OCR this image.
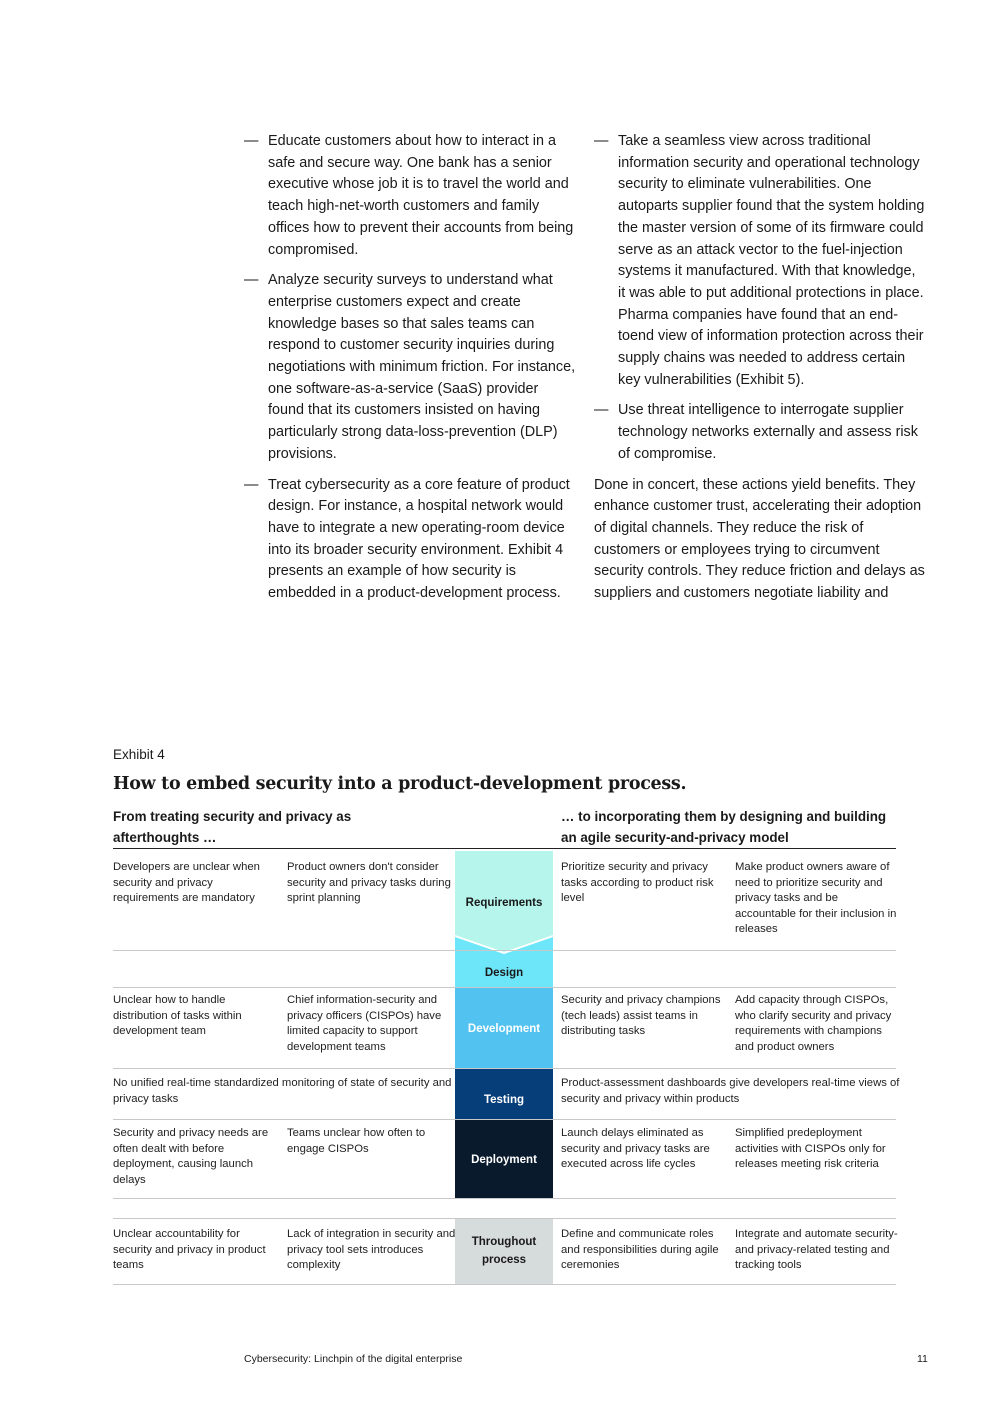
— Educate customers about how to interact in a safe and secure way. One bank has a senior executive whose job it is to travel the world and teach high-net-worth customers and family offices how to prevent their accounts from being compromised.
— Analyze security surveys to understand what enterprise customers expect and create knowledge bases so that sales teams can respond to customer security inquiries during negotiations with minimum friction. For instance, one software-as-a-service (SaaS) provider found that its customers insisted on having particularly strong data-loss-prevention (DLP) provisions.
— Treat cybersecurity as a core feature of product design. For instance, a hospital network would have to integrate a new operating-room device into its broader security environment. Exhibit 4 presents an example of how security is embedded in a product-development process.
— Take a seamless view across traditional information security and operational technology security to eliminate vulnerabilities. One autoparts supplier found that the system holding the master version of some of its firmware could serve as an attack vector to the fuel-injection systems it manufactured. With that knowledge, it was able to put additional protections in place. Pharma companies have found that an end-toend view of information protection across their supply chains was needed to address certain key vulnerabilities (Exhibit 5).
— Use threat intelligence to interrogate supplier technology networks externally and assess risk of compromise.

Done in concert, these actions yield benefits. They enhance customer trust, accelerating their adoption of digital channels. They reduce the risk of customers or employees trying to circumvent security controls. They reduce friction and delays as suppliers and customers negotiate liability and

Exhibit 4
How to embed security into a product-development process.
From treating security and privacy as afterthoughts …
… to incorporating them by designing and building an agile security-and-privacy model
Requirements
Design
Development
Testing
Deployment
Throughout process
Developers are unclear when security and privacy requirements are mandatory
Product owners don't consider security and privacy tasks during sprint planning
Prioritize security and privacy tasks according to product risk level
Make product owners aware of need to prioritize security and privacy tasks and be accountable for their inclusion in releases
Unclear how to handle distribution of tasks within development team
Chief information-security and privacy officers (CISPOs) have limited capacity to support development teams
Security and privacy champions (tech leads) assist teams in distributing tasks
Add capacity through CISPOs, who clarify security and privacy requirements with champions and product owners
No unified real-time standardized monitoring of state of security and privacy tasks
Product-assessment dashboards give developers real-time views of security and privacy within products
Security and privacy needs are often dealt with before deployment, causing launch delays
Teams unclear how often to engage CISPOs
Launch delays eliminated as security and privacy tasks are executed across life cycles
Simplified predeployment activities with CISPOs only for releases meeting risk criteria
Unclear accountability for security and privacy in product teams
Lack of integration in security and privacy tool sets introduces complexity
Define and communicate roles and responsibilities during agile ceremonies
Integrate and automate security- and privacy-related testing and tracking tools
Cybersecurity: Linchpin of the digital enterprise	11
